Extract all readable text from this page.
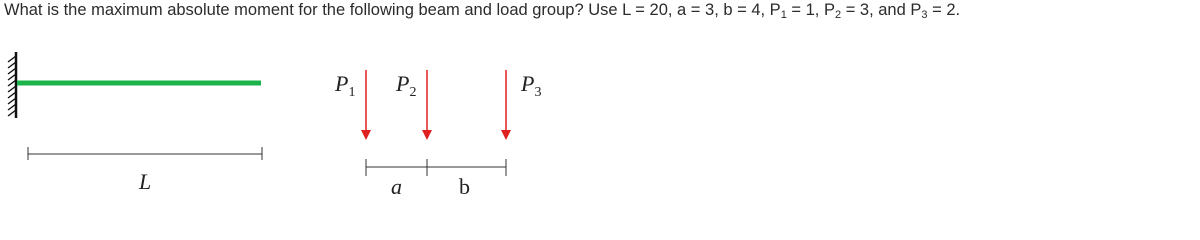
What is the maximum absolute moment for the following beam and load group? Use L = 20, a = 3, b = 4, $P_1 = 1$, $P_2 = 3$, and $P_3 = 2$.
L
$P_1$ $P_2$	$P_3$
a	b
